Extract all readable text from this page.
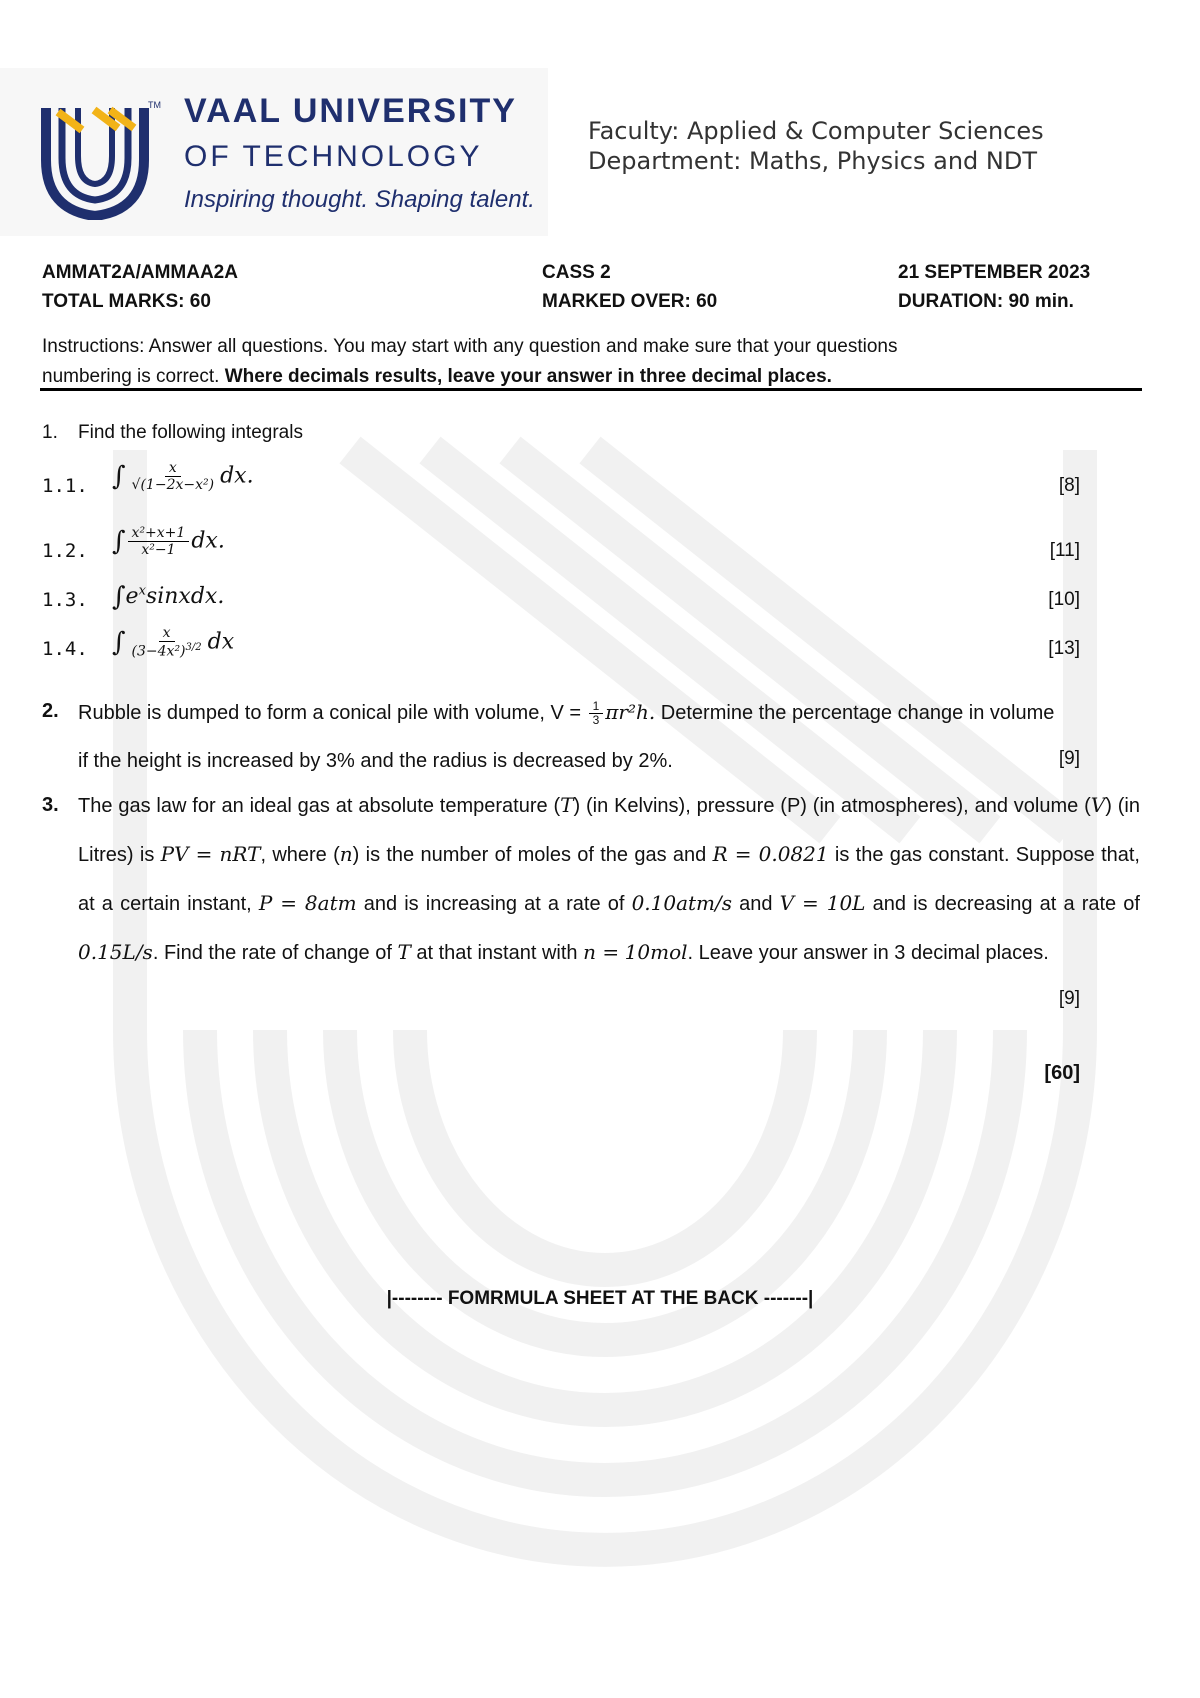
TM VAAL UNIVERSITY
OF TECHNOLOGY
Inspiring thought. Shaping talent.
Faculty: Applied & Computer Sciences
Department: Maths, Physics and NDT
AMMAT2A/AMMAA2A	CASS 2	21 SEPTEMBER 2023
TOTAL MARKS: 60	MARKED OVER: 60	DURATION: 90 min.
Instructions: Answer all questions. You may start with any question and make sure that your questions
numbering is correct. Where decimals results, leave your answer in three decimal places.
1. Find the following integrals
1.1. ∫ $\frac{x}{\text{√(1−2x−x²)}}$ dx.	[8]
1.2. ∫ $\frac{\text{x²+x+1}}{\text{x²−1}}$ dx.	[11]
1.3. $\int e^xsinxdx$.	[10]
1.4. ∫ $\frac{x}{(3-4x^2)^{3/2}}$ dx	[13]
2. Rubble is dumped to form a conical pile with volume, $V = \frac{1}{3} \pi r^2h$. Determine the percentage change in volume
if the height is increased by 3% and the radius is decreased by 2%.	[9]
3. The gas law for an ideal gas at absolute temperature (T) (in Kelvins), pressure (P) (in atmospheres), and volume (V) (in Litres) is PV = nRT, where (n) is the number of moles of the gas and R = 0.0821 is the gas constant. Suppose that, at a certain instant, P = 8atm and is increasing at a rate of 0.10atm/s and V = 10L and is decreasing at a rate of 0.15L/s. Find the rate of change of T at that instant with n = 10mol. Leave your answer in 3 decimal places.
[9]
[60]
|-------- FOMRMULA SHEET AT THE BACK -------|
